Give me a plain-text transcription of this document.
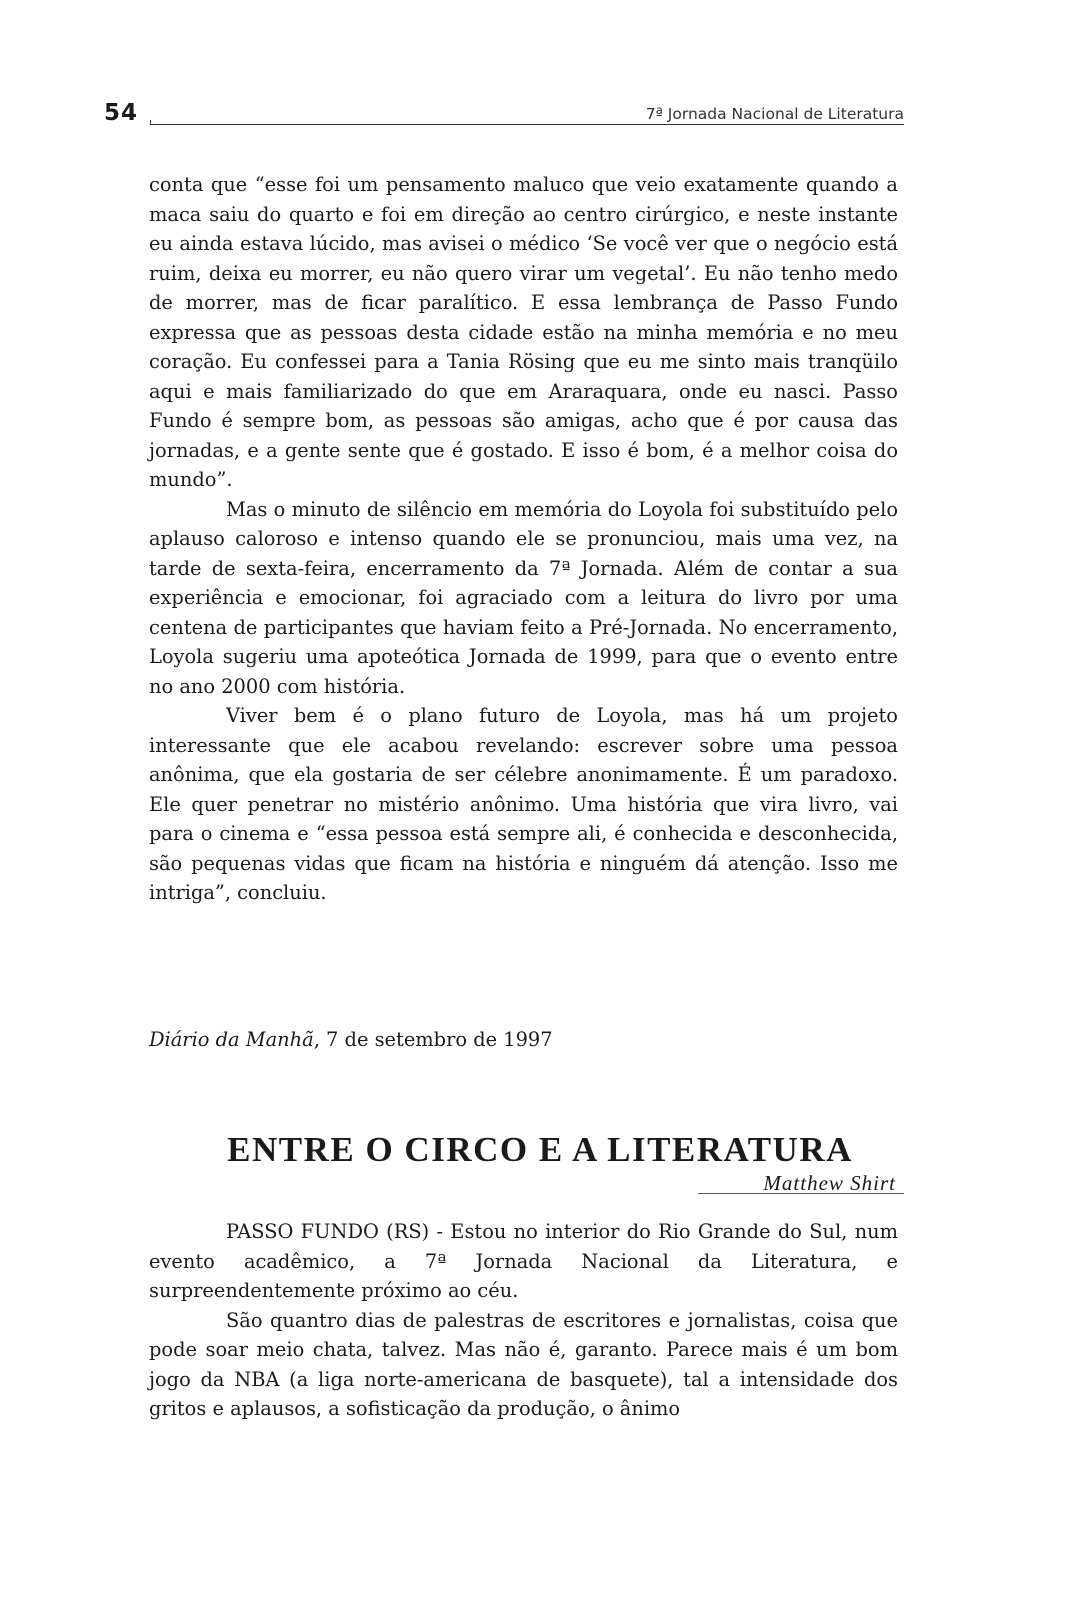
54	7ª Jornada Nacional de Literatura

conta que “esse foi um pensamento maluco que veio exatamente quando a maca saiu do quarto e foi em direção ao centro cirúrgico, e neste instante eu ainda estava lúcido, mas avisei o médico ‘Se você ver que o negócio está ruim, deixa eu morrer, eu não quero virar um vegetal’. Eu não tenho medo de morrer, mas de ficar paralítico. E essa lembrança de Passo Fundo expressa que as pessoas desta cidade estão na minha memória e no meu coração. Eu confessei para a Tania Rösing que eu me sinto mais tranqüilo aqui e mais familiarizado do que em Araraquara, onde eu nasci. Passo Fundo é sempre bom, as pessoas são amigas, acho que é por causa das jornadas, e a gente sente que é gostado. E isso é bom, é a melhor coisa do mundo”.

Mas o minuto de silêncio em memória do Loyola foi substituído pelo aplauso caloroso e intenso quando ele se pronunciou, mais uma vez, na tarde de sexta-feira, encerramento da 7ª Jornada. Além de contar a sua experiência e emocionar, foi agraciado com a leitura do livro por uma centena de participantes que haviam feito a Pré-Jornada. No encerramento, Loyola sugeriu uma apoteótica Jornada de 1999, para que o evento entre no ano 2000 com história.

Viver bem é o plano futuro de Loyola, mas há um projeto interessante que ele acabou revelando: escrever sobre uma pessoa anônima, que ela gostaria de ser célebre anonimamente. É um paradoxo. Ele quer penetrar no mistério anônimo. Uma história que vira livro, vai para o cinema e “essa pessoa está sempre ali, é conhecida e desconhecida, são pequenas vidas que ficam na história e ninguém dá atenção. Isso me intriga”, concluiu.

Diário da Manhã, 7 de setembro de 1997
ENTRE O CIRCO E A LITERATURA
Matthew Shirt

PASSO FUNDO (RS) - Estou no interior do Rio Grande do Sul, num evento acadêmico, a 7ª Jornada Nacional da Literatura, e surpreendentemente próximo ao céu.

São quantro dias de palestras de escritores e jornalistas, coisa que pode soar meio chata, talvez. Mas não é, garanto. Parece mais é um bom jogo da NBA (a liga norte-americana de basquete), tal a intensidade dos gritos e aplausos, a sofisticação da produção, o ânimo
